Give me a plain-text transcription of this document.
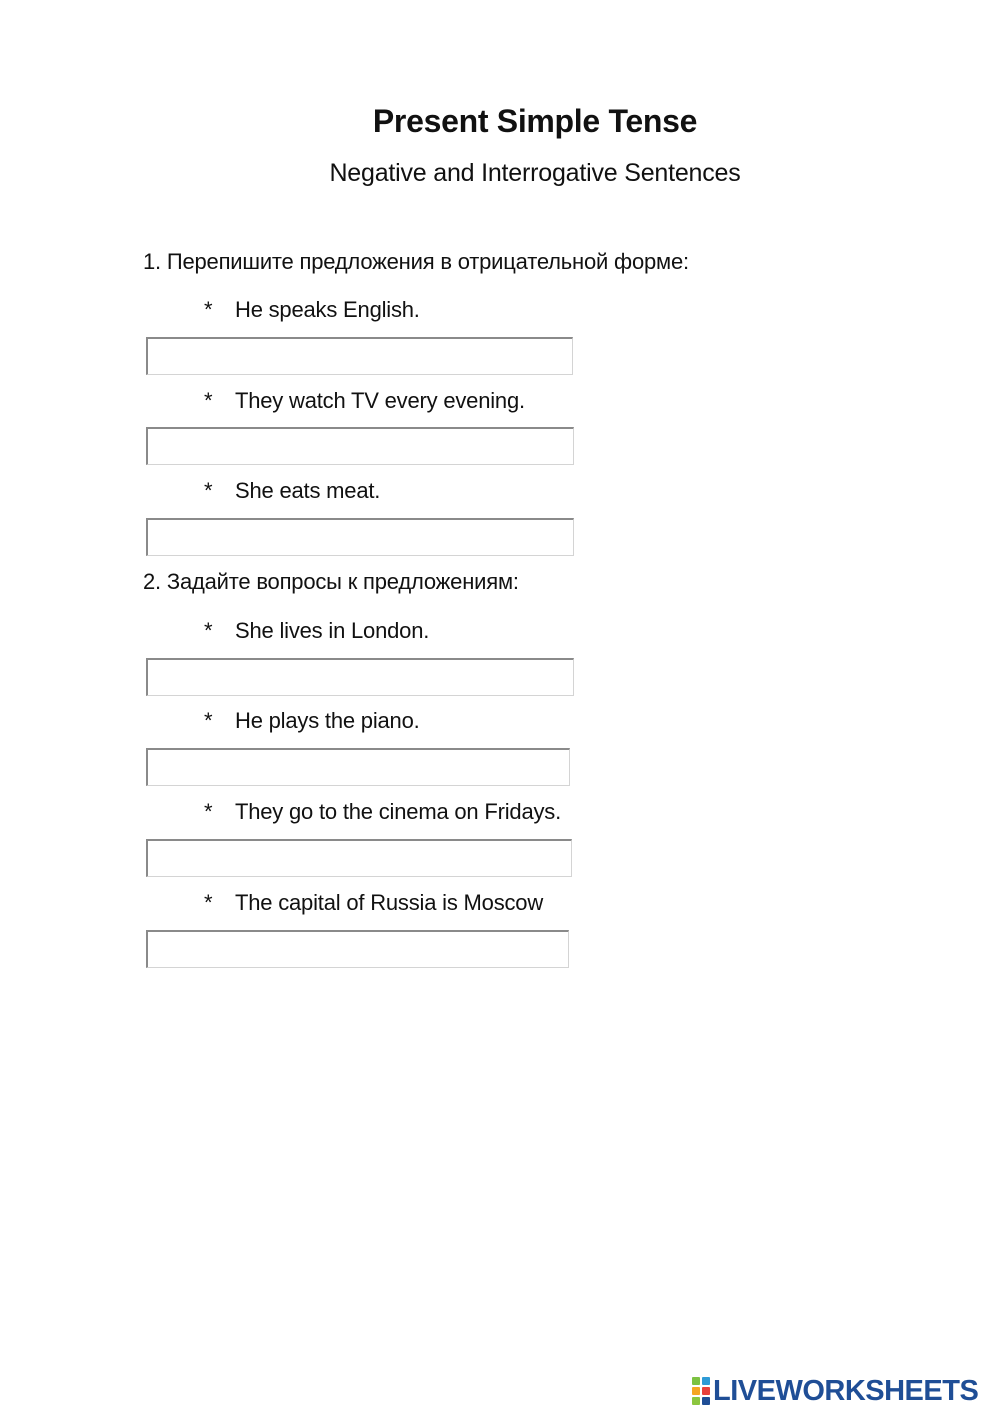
Present Simple Tense
Negative and Interrogative Sentences
1. Перепишите предложения в отрицательной форме:
* He speaks English.
* They watch TV every evening.
* She eats meat.
2. Задайте вопросы к предложениям:
* She lives in London.
* He plays the piano.
* They go to the cinema on Fridays.
* The capital of Russia is Moscow
LIVEWORKSHEETS
